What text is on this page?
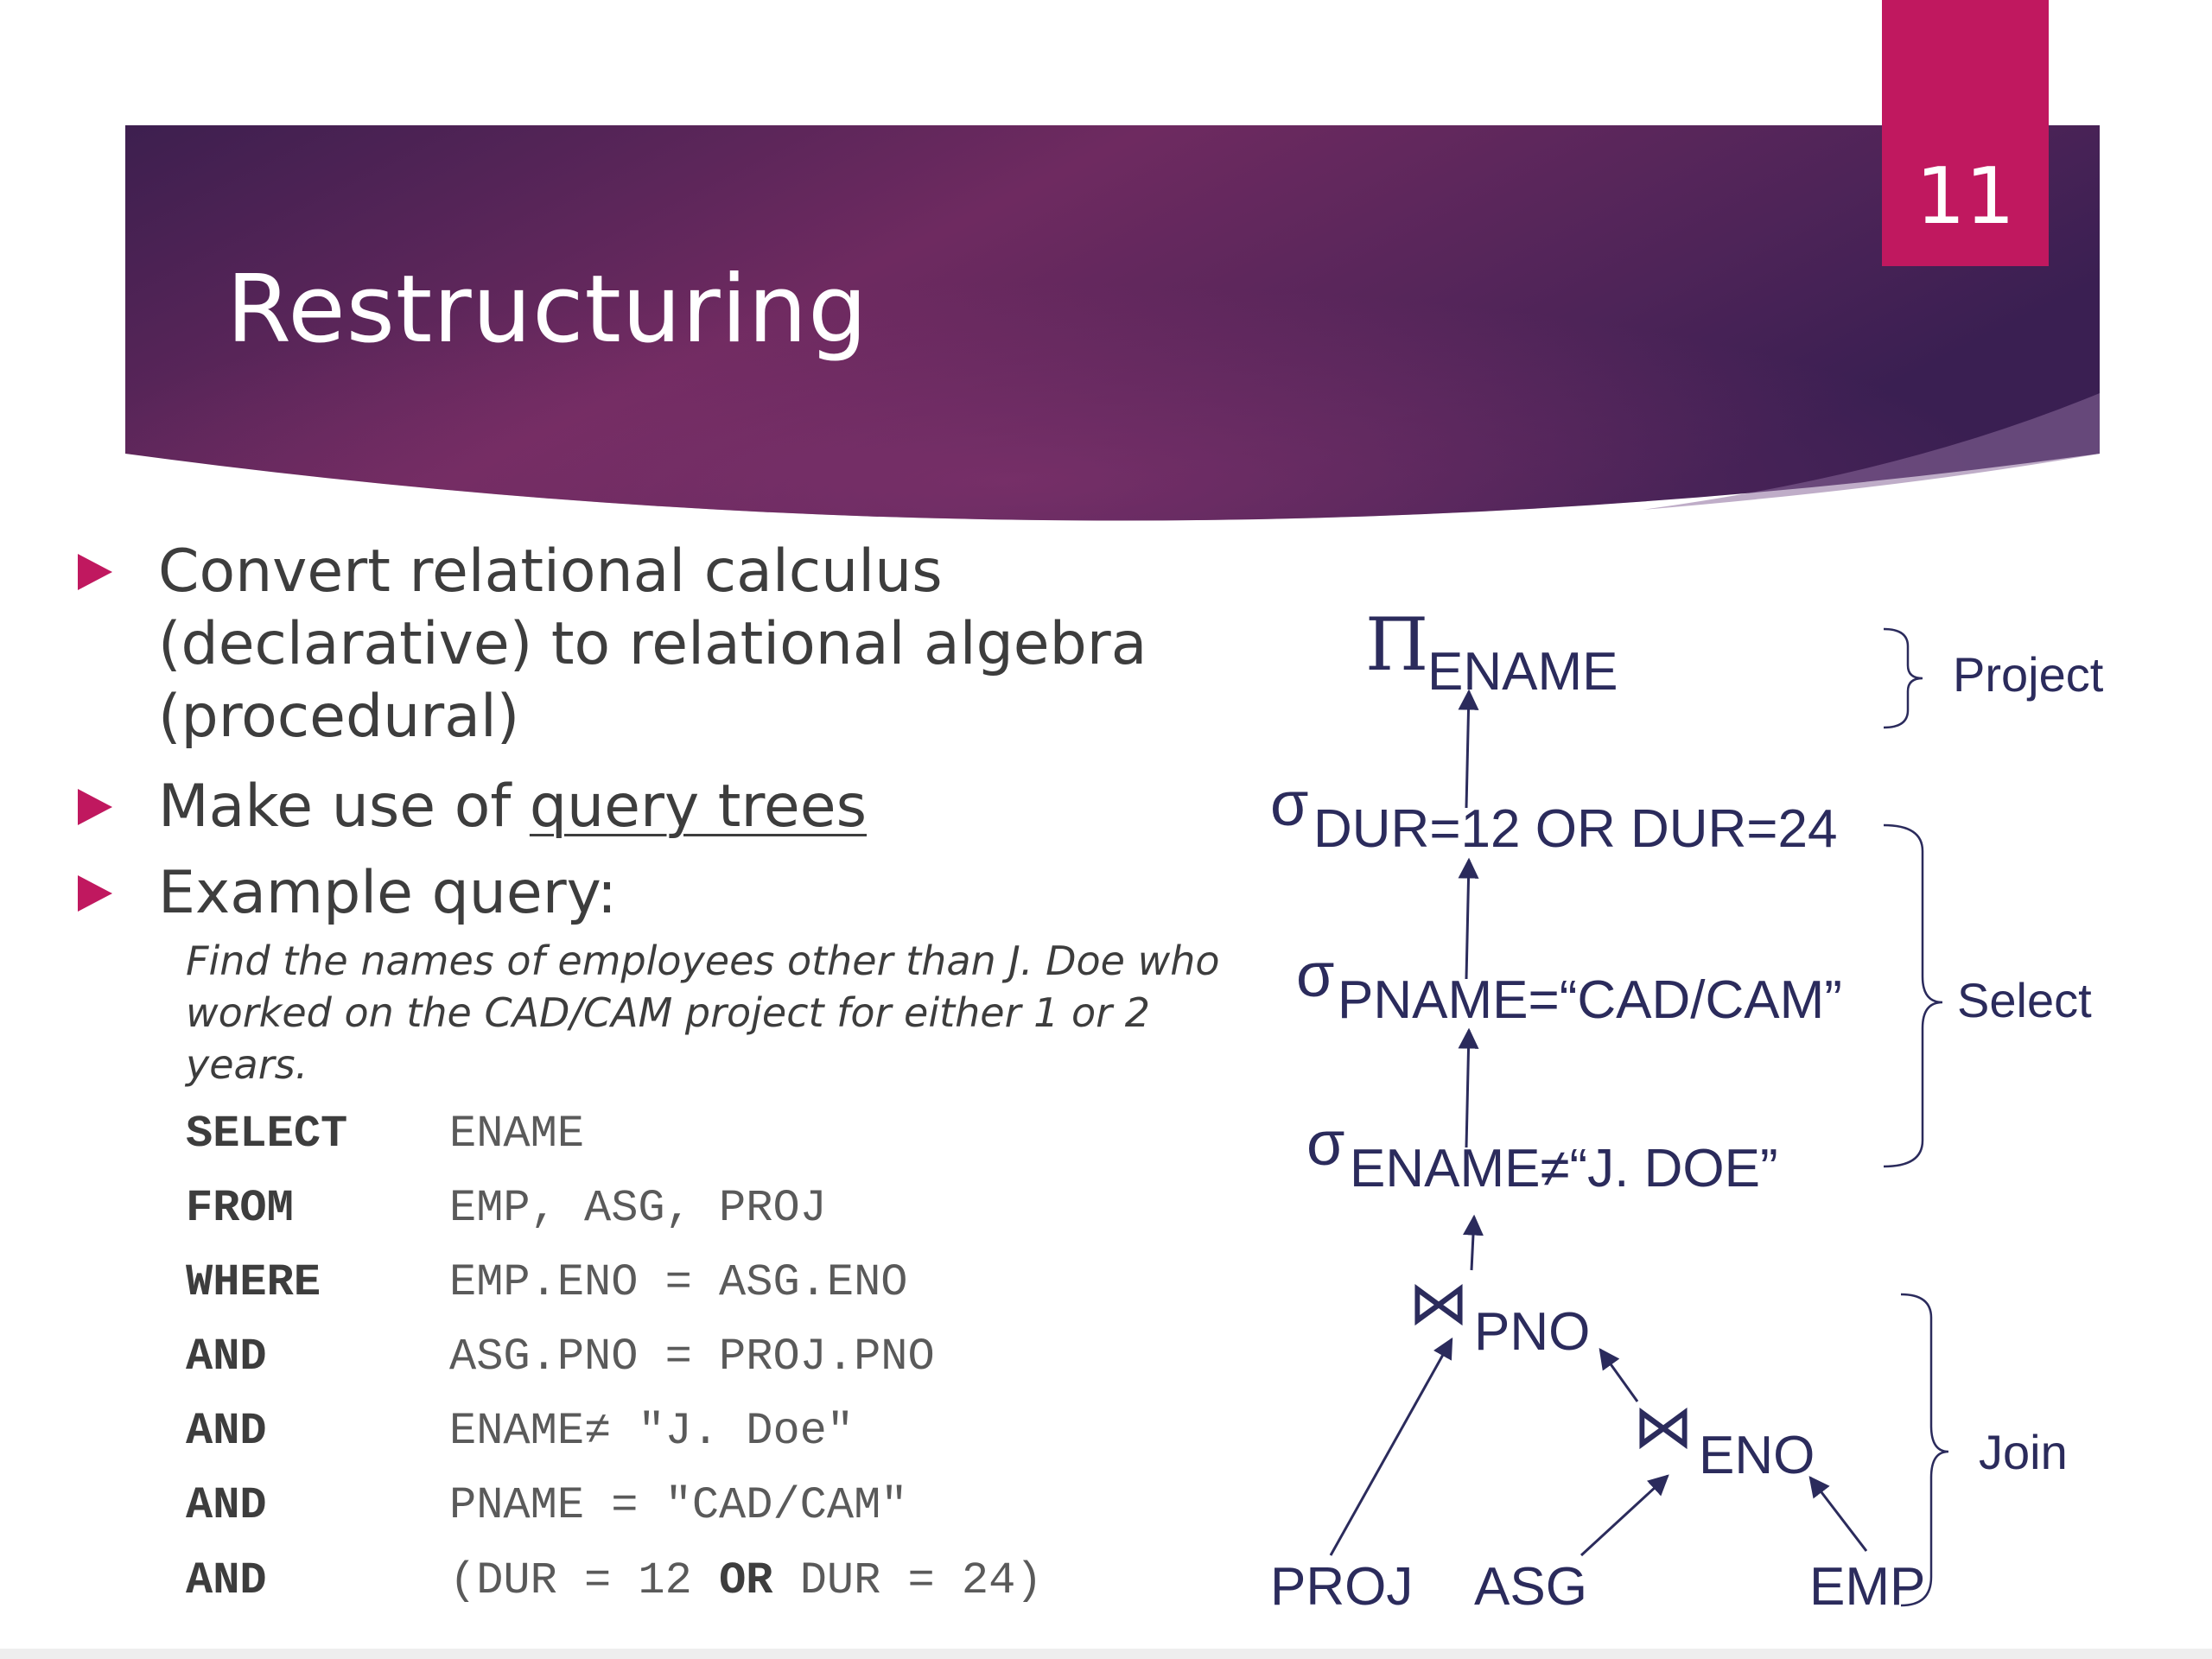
Restructuring
11
Convert relational calculus
(declarative) to relational algebra
(procedural)
Make use of query trees
Example query:
Find the names of employees other than J. Doe who worked on the CAD/CAM project for either 1 or 2 years.
SELECT ENAME
FROM	EMP, ASG, PROJ
WHERE	EMP.ENO = ASG.ENO
AND	ASG.PNO = PROJ.PNO
AND	ENAME≠ "J. Doe"
AND	PNAME = "CAD/CAM"
AND	(DUR = 12 OR DUR = 24)
ΠENAME
σDUR=12 OR DUR=24
σPNAME=“CAD/CAM”
σENAME≠“J. DOE”
⋈PNO
⋈ENO
PROJ ASG	EMP
Project
Select
Join
